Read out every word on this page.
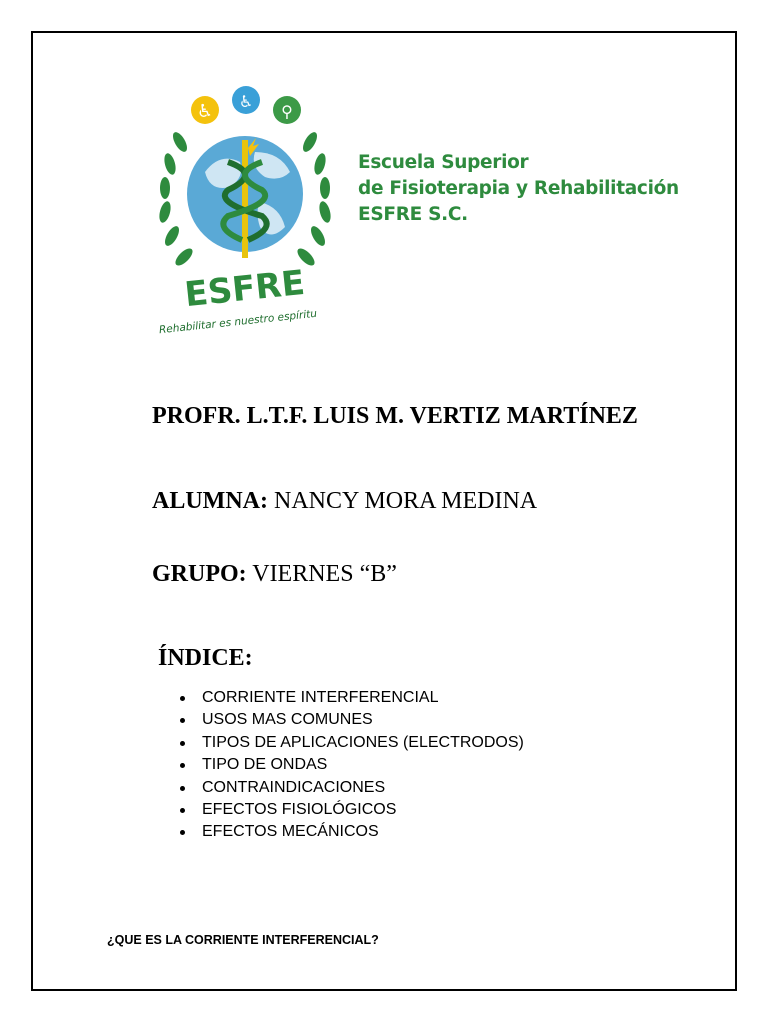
♿ ♿
⚲
ESFRE
Rehabilitar es nuestro espíritu
Escuela Superior
de Fisioterapia y Rehabilitación
ESFRE S.C.
PROFR. L.T.F. LUIS M. VERTIZ MARTÍNEZ
ALUMNA: NANCY MORA MEDINA
GRUPO: VIERNES “B”
ÍNDICE:
CORRIENTE INTERFERENCIAL
USOS MAS COMUNES
TIPOS DE APLICACIONES (ELECTRODOS)
TIPO DE ONDAS
CONTRAINDICACIONES
EFECTOS FISIOLÓGICOS
EFECTOS MECÁNICOS
¿QUE ES LA CORRIENTE INTERFERENCIAL?
